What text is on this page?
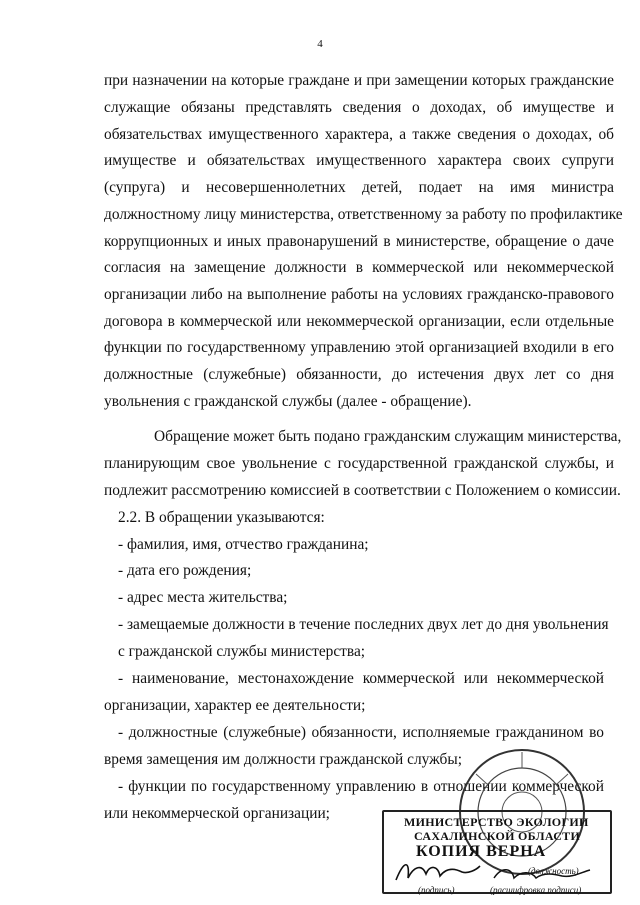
4
при назначении на которые граждане и при замещении которых гражданские
служащие обязаны представлять сведения о доходах, об имуществе и
обязательствах имущественного характера, а также сведения о доходах, об
имуществе и обязательствах имущественного характера своих супруги
(супруга) и несовершеннолетних детей, подает на имя министра
должностному лицу министерства, ответственному за работу по профилактике
коррупционных и иных правонарушений в министерстве, обращение о даче
согласия на замещение должности в коммерческой или некоммерческой
организации либо на выполнение работы на условиях гражданско-правового
договора в коммерческой или некоммерческой организации, если отдельные
функции по государственному управлению этой организацией входили в его
должностные (служебные) обязанности, до истечения двух лет со дня
увольнения с гражданской службы (далее - обращение).
Обращение может быть подано гражданским служащим министерства,
планирующим свое увольнение с государственной гражданской службы, и
подлежит рассмотрению комиссией в соответствии с Положением о комиссии.
2.2. В обращении указываются:
- фамилия, имя, отчество гражданина;
- дата его рождения;
- адрес места жительства;
- замещаемые должности в течение последних двух лет до дня увольнения
с гражданской службы министерства;
- наименование, местонахождение коммерческой или некоммерческой
организации, характер ее деятельности;
- должностные (служебные) обязанности, исполняемые гражданином во
время замещения им должности гражданской службы;
- функции по государственному управлению в отношении коммерческой
или некоммерческой организации;	МИНИСТЕРСТВО ЭКОЛОГИИ
САХАЛИНСКОЙ ОБЛАСТИ
КОПИЯ ВЕРНА
(должность)
(подпись)	(расшифровка подписи)
